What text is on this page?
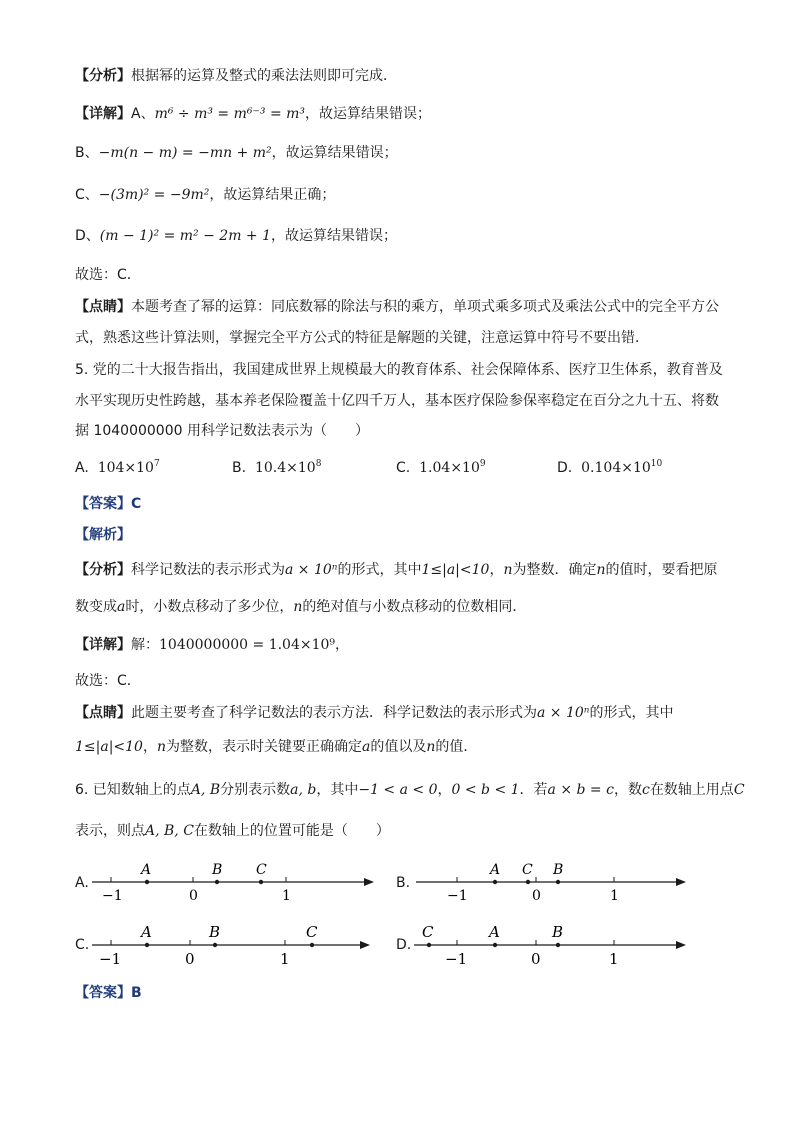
【分析】根据幂的运算及整式的乘法法则即可完成．
【详解】A、m⁶ ÷ m³ = m⁶⁻³ = m³，故运算结果错误；
B、−m(n − m) = −mn + m²，故运算结果错误；
C、−(3m)² = −9m²，故运算结果正确；
D、(m − 1)² = m² − 2m + 1，故运算结果错误；
故选：C．
【点睛】本题考查了幂的运算：同底数幂的除法与积的乘方，单项式乘多项式及乘法公式中的完全平方公
式，熟悉这些计算法则，掌握完全平方公式的特征是解题的关键，注意运算中符号不要出错．
5. 党的二十大报告指出，我国建成世界上规模最大的教育体系、社会保障体系、医疗卫生体系，教育普及
水平实现历史性跨越，基本养老保险覆盖十亿四千万人，基本医疗保险参保率稳定在百分之九十五、将数
据 1040000000 用科学记数法表示为（　　）
A. $104\times 10^7$	B. $10.4\times 10^8$	C. $1.04\times 10^9$	D. $0.104\times 10^{10}$
【答案】C
【解析】
【分析】科学记数法的表示形式为a × 10ⁿ的形式，其中1≤|a|<10，n为整数．确定n的值时，要看把原
数变成a时，小数点移动了多少位，n的绝对值与小数点移动的位数相同．
【详解】解：1040000000 = 1.04×10⁹，
故选：C．
【点睛】此题主要考查了科学记数法的表示方法．科学记数法的表示形式为a × 10ⁿ的形式，其中
1≤|a|<10，n为整数，表示时关键要正确确定a的值以及n的值．
6. 已知数轴上的点A, B分别表示数a, b，其中−1 < a < 0，0 < b < 1．若a × b = c，数c在数轴上用点C
表示，则点A, B, C在数轴上的位置可能是（　　）
A.	B.
C.	D.
−1	0	1
A	B C
−1	0	1
A	B
C
−1	0	1
A	B	C
−1	0	1
A	B
C
【答案】B
